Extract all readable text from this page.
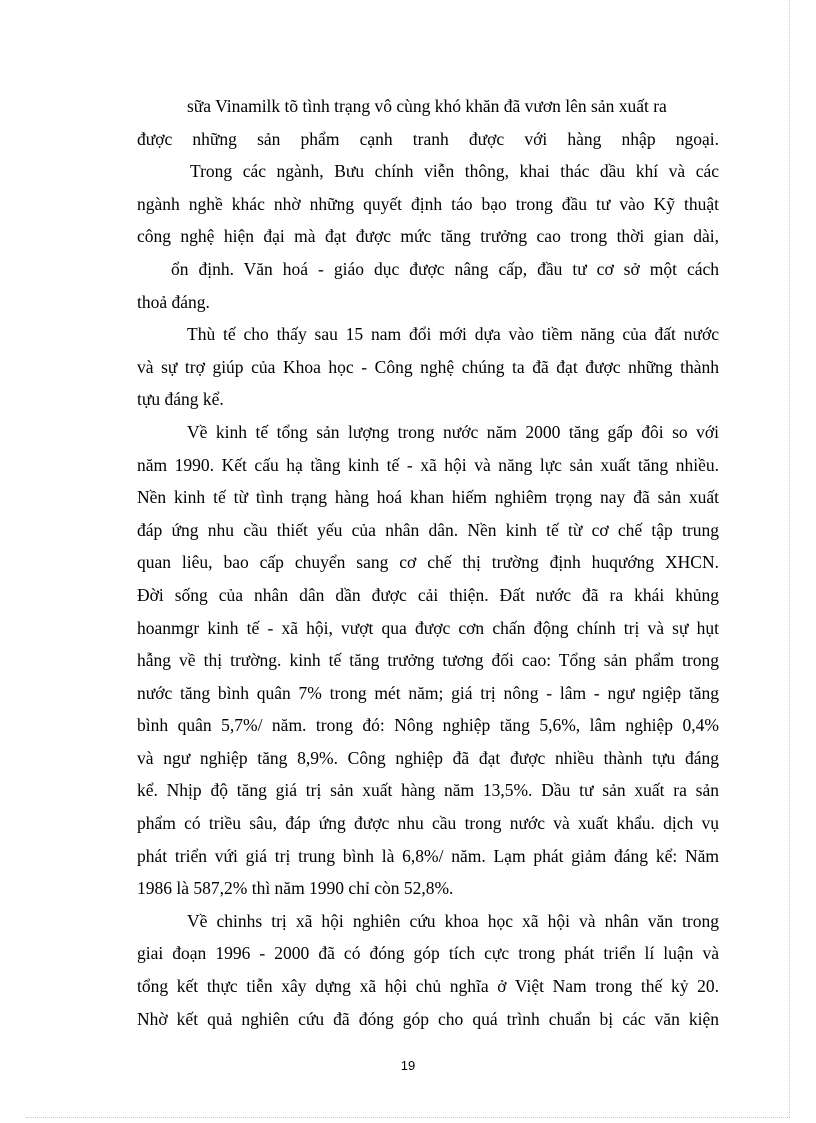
sữa Vinamilk tõ tình trạng vô cùng khó khăn đã vươn lên sản xuất ra
được những sản phẩm cạnh tranh được với hàng nhập ngoại.
Trong các ngành, Bưu chính viễn thông, khai thác dầu khí và các
ngành nghề khác nhờ những quyết định táo bạo trong đầu tư vào Kỹ thuật
công nghệ hiện đại mà đạt được mức tăng trưởng cao trong thời gian dài,
ổn định. Văn hoá - giáo dục được nâng cấp, đầu tư cơ sở một cách
thoả đáng.
Thù tế cho thấy sau 15 nam đổi mới dựa vào tiềm năng của đất nước
và sự trợ giúp của Khoa học - Công nghệ chúng ta đã đạt được những thành
tựu đáng kể.
Về kinh tế tổng sản lượng trong nước năm 2000 tăng gấp đôi so với
năm 1990. Kết cấu hạ tầng kinh tế - xã hội và năng lực sản xuất tăng nhiều.
Nền kinh tế từ tình trạng hàng hoá khan hiếm nghiêm trọng nay đã sản xuất
đáp ứng nhu cầu thiết yếu của nhân dân. Nền kinh tế từ cơ chế tập trung
quan liêu, bao cấp chuyển sang cơ chế thị trường định huqướng XHCN.
Đời sống của nhân dân dần được cải thiện. Đất nước đã ra khái khủng
hoanmgr kinh tế - xã hội, vượt qua được cơn chấn động chính trị và sự hụt
hẫng về thị trường. kinh tế tăng trưởng tương đối cao: Tổng sản phẩm trong
nước tăng bình quân 7% trong mét năm; giá trị nông - lâm - ngư ngiệp tăng
bình quân 5,7%/ năm. trong đó: Nông nghiệp tăng 5,6%, lâm nghiệp 0,4%
và ngư nghiệp tăng 8,9%. Công nghiệp đã đạt được nhiều thành tựu đáng
kể. Nhịp độ tăng giá trị sản xuất hàng năm 13,5%. Dầu tư sản xuất ra sản
phẩm có triều sâu, đáp ứng được nhu cầu trong nước và xuất khẩu. dịch vụ
phát triển vứi giá trị trung bình là 6,8%/ năm. Lạm phát giảm đáng kể: Năm
1986 là 587,2% thì năm 1990 chỉ còn 52,8%.
Về chinhs trị xã hội nghiên cứu khoa học xã hội và nhân văn trong
giai đoạn 1996 - 2000 đã có đóng góp tích cực trong phát triển lí luận và
tổng kết thực tiễn xây dựng xã hội chủ nghĩa ở Việt Nam trong thế kỷ 20.
Nhờ kết quả nghiên cứu đã đóng góp cho quá trình chuẩn bị các văn kiện
19
